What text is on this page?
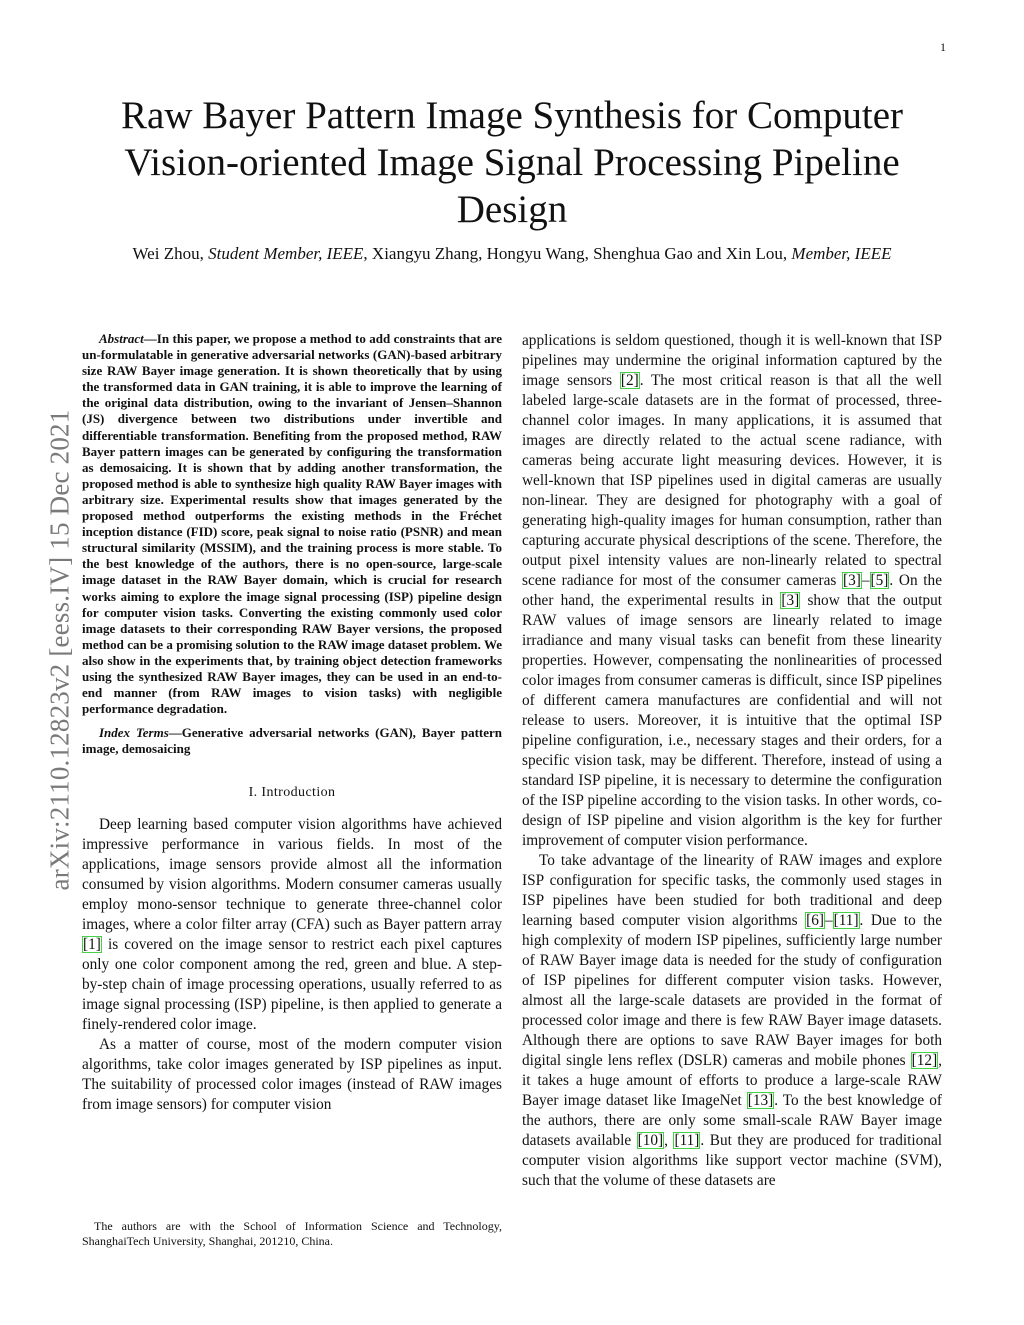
1
arXiv:2110.12823v2 [eess.IV] 15 Dec 2021
Raw Bayer Pattern Image Synthesis for Computer Vision-oriented Image Signal Processing Pipeline Design
Wei Zhou, Student Member, IEEE, Xiangyu Zhang, Hongyu Wang, Shenghua Gao and Xin Lou, Member, IEEE

Abstract—In this paper, we propose a method to add constraints that are un-formulatable in generative adversarial networks (GAN)-based arbitrary size RAW Bayer image generation. It is shown theoretically that by using the transformed data in GAN training, it is able to improve the learning of the original data distribution, owing to the invariant of Jensen–Shannon (JS) divergence between two distributions under invertible and differentiable transformation. Benefiting from the proposed method, RAW Bayer pattern images can be generated by configuring the transformation as demosaicing. It is shown that by adding another transformation, the proposed method is able to synthesize high quality RAW Bayer images with arbitrary size. Experimental results show that images generated by the proposed method outperforms the existing methods in the Fréchet inception distance (FID) score, peak signal to noise ratio (PSNR) and mean structural similarity (MSSIM), and the training process is more stable. To the best knowledge of the authors, there is no open-source, large-scale image dataset in the RAW Bayer domain, which is crucial for research works aiming to explore the image signal processing (ISP) pipeline design for computer vision tasks. Converting the existing commonly used color image datasets to their corresponding RAW Bayer versions, the proposed method can be a promising solution to the RAW image dataset problem. We also show in the experiments that, by training object detection frameworks using the synthesized RAW Bayer images, they can be used in an end-to-end manner (from RAW images to vision tasks) with negligible performance degradation.

Index Terms—Generative adversarial networks (GAN), Bayer pattern image, demosaicing

I. Introduction

Deep learning based computer vision algorithms have achieved impressive performance in various fields. In most of the applications, image sensors provide almost all the information consumed by vision algorithms. Modern consumer cameras usually employ mono-sensor technique to generate three-channel color images, where a color filter array (CFA) such as Bayer pattern array [1] is covered on the image sensor to restrict each pixel captures only one color component among the red, green and blue. A step-by-step chain of image processing operations, usually referred to as image signal processing (ISP) pipeline, is then applied to generate a finely-rendered color image.

As a matter of course, most of the modern computer vision algorithms, take color images generated by ISP pipelines as input. The suitability of processed color images (instead of RAW images from image sensors) for computer vision

applications is seldom questioned, though it is well-known that ISP pipelines may undermine the original information captured by the image sensors [2]. The most critical reason is that all the well labeled large-scale datasets are in the format of processed, three-channel color images. In many applications, it is assumed that images are directly related to the actual scene radiance, with cameras being accurate light measuring devices. However, it is well-known that ISP pipelines used in digital cameras are usually non-linear. They are designed for photography with a goal of generating high-quality images for human consumption, rather than capturing accurate physical descriptions of the scene. Therefore, the output pixel intensity values are non-linearly related to spectral scene radiance for most of the consumer cameras [3]–[5]. On the other hand, the experimental results in [3] show that the output RAW values of image sensors are linearly related to image irradiance and many visual tasks can benefit from these linearity properties. However, compensating the nonlinearities of processed color images from consumer cameras is difficult, since ISP pipelines of different camera manufactures are confidential and will not release to users. Moreover, it is intuitive that the optimal ISP pipeline configuration, i.e., necessary stages and their orders, for a specific vision task, may be different. Therefore, instead of using a standard ISP pipeline, it is necessary to determine the configuration of the ISP pipeline according to the vision tasks. In other words, co-design of ISP pipeline and vision algorithm is the key for further improvement of computer vision performance.

To take advantage of the linearity of RAW images and explore ISP configuration for specific tasks, the commonly used stages in ISP pipelines have been studied for both traditional and deep learning based computer vision algorithms [6]–[11]. Due to the high complexity of modern ISP pipelines, sufficiently large number of RAW Bayer image data is needed for the study of configuration of ISP pipelines for different computer vision tasks. However, almost all the large-scale datasets are provided in the format of processed color image and there is few RAW Bayer image datasets. Although there are options to save RAW Bayer images for both digital single lens reflex (DSLR) cameras and mobile phones [12], it takes a huge amount of efforts to produce a large-scale RAW Bayer image dataset like ImageNet [13]. To the best knowledge of the authors, there are only some small-scale RAW Bayer image datasets available [10], [11]. But they are produced for traditional computer vision algorithms like support vector machine (SVM), such that the volume of these datasets are

The authors are with the School of Information Science and Technology, ShanghaiTech University, Shanghai, 201210, China.
